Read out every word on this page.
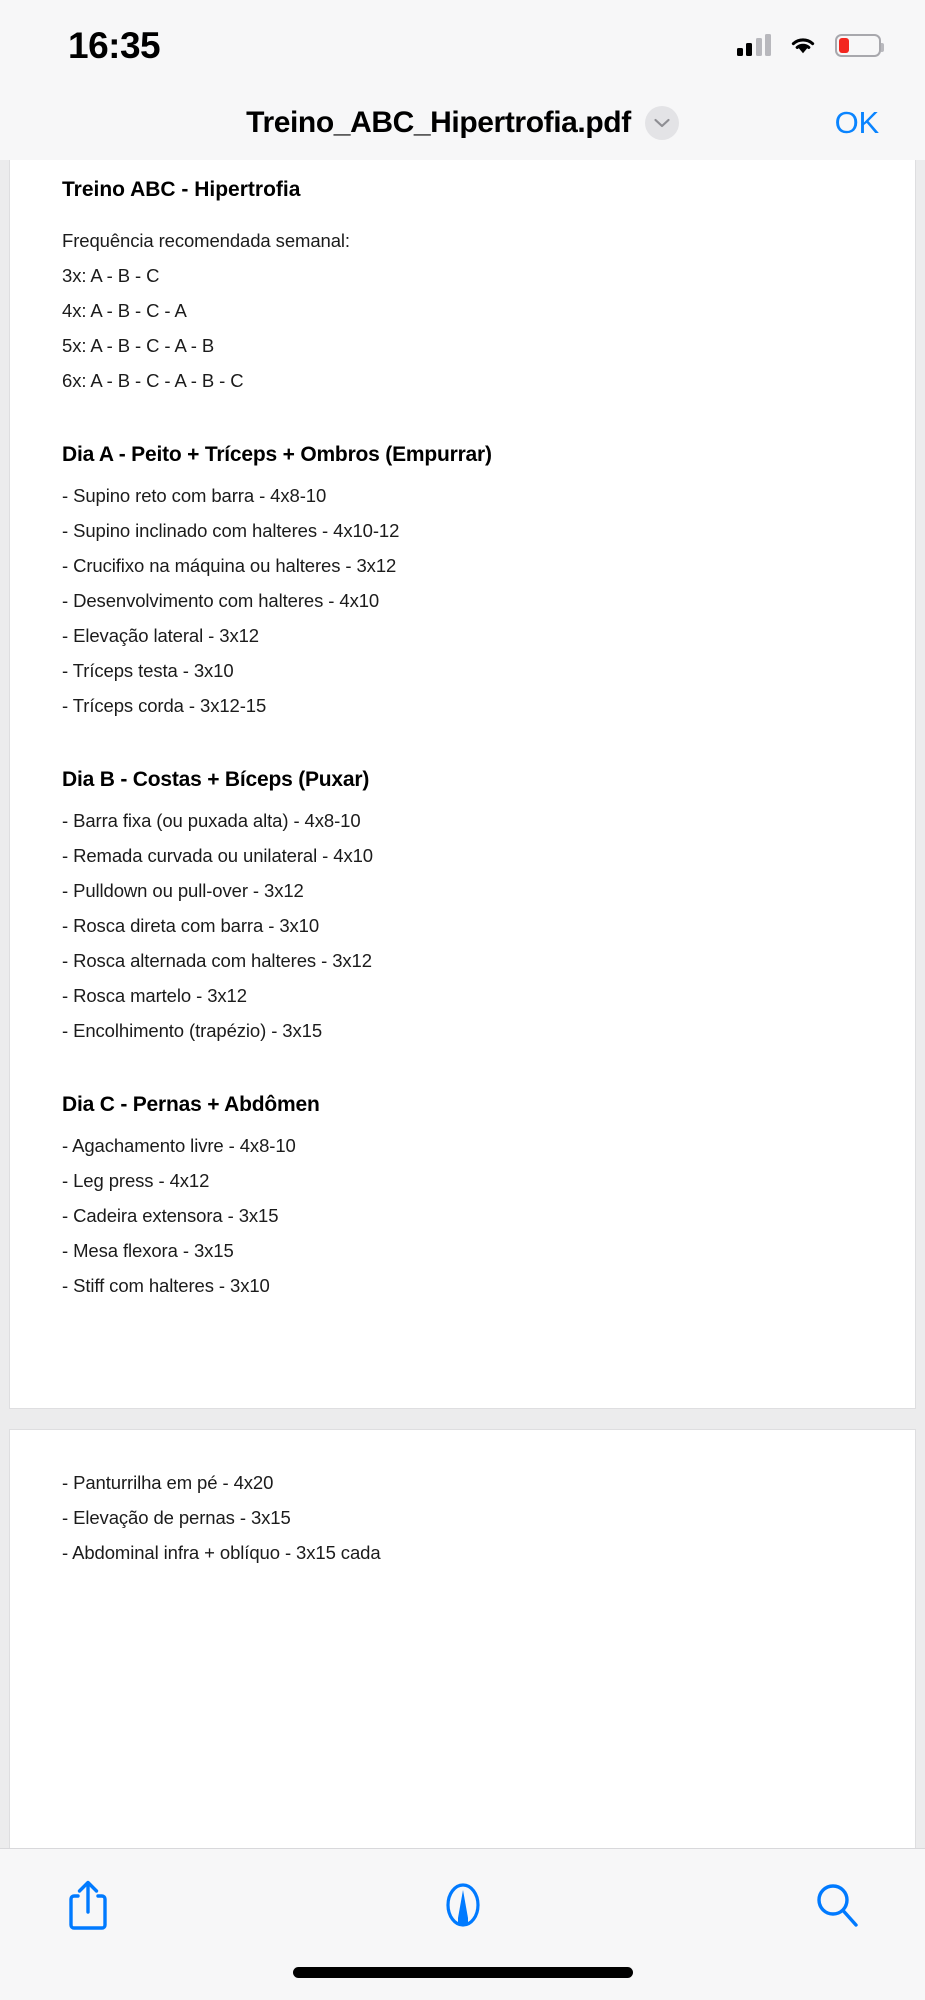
16:35
Treino_ABC_Hipertrofia.pdf	OK
Treino ABC - Hipertrofia
Frequência recomendada semanal:
3x: A - B - C
4x: A - B - C - A
5x: A - B - C - A - B
6x: A - B - C - A - B - C
Dia A - Peito + Tríceps + Ombros (Empurrar)
- Supino reto com barra - 4x8-10
- Supino inclinado com halteres - 4x10-12
- Crucifixo na máquina ou halteres - 3x12
- Desenvolvimento com halteres - 4x10
- Elevação lateral - 3x12
- Tríceps testa - 3x10
- Tríceps corda - 3x12-15
Dia B - Costas + Bíceps (Puxar)
- Barra fixa (ou puxada alta) - 4x8-10
- Remada curvada ou unilateral - 4x10
- Pulldown ou pull-over - 3x12
- Rosca direta com barra - 3x10
- Rosca alternada com halteres - 3x12
- Rosca martelo - 3x12
- Encolhimento (trapézio) - 3x15
Dia C - Pernas + Abdômen
- Agachamento livre - 4x8-10
- Leg press - 4x12
- Cadeira extensora - 3x15
- Mesa flexora - 3x15
- Stiff com halteres - 3x10
- Panturrilha em pé - 4x20
- Elevação de pernas - 3x15
- Abdominal infra + oblíquo - 3x15 cada
